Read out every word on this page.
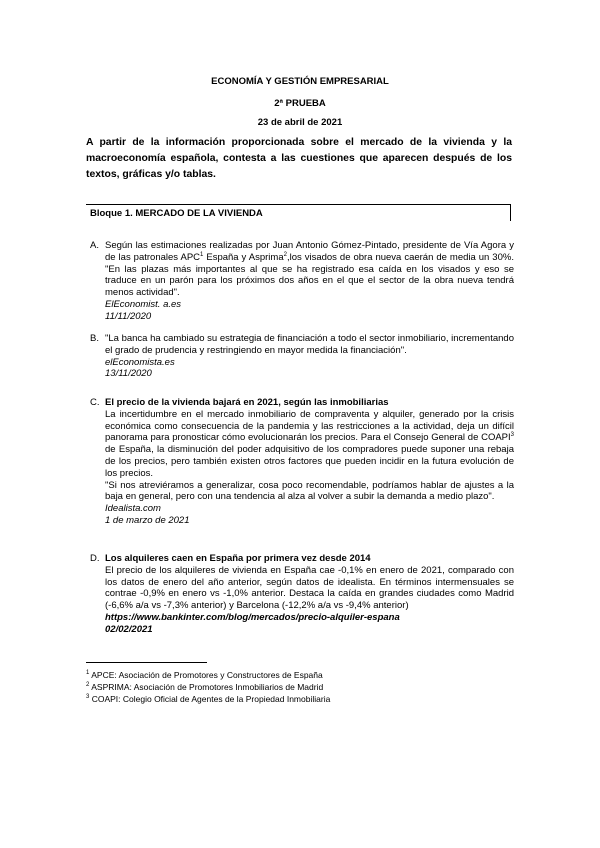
ECONOMÍA Y GESTIÓN EMPRESARIAL
2ª PRUEBA
23 de abril de 2021
A partir de la información proporcionada sobre el mercado de la vivienda y la macroeconomía española, contesta a las cuestiones que aparecen después de los textos, gráficas y/o tablas.
Bloque 1. MERCADO DE LA VIVIENDA
A. Según las estimaciones realizadas por Juan Antonio Gómez-Pintado, presidente de Vía Agora y de las patronales APC$^1$ España y Asprima$^2$,los visados de obra nueva caerán de media un 30%. "En las plazas más importantes al que se ha registrado esa caída en los visados y eso se traduce en un parón para los próximos dos años en el que el sector de la obra nueva tendrá menos actividad".
ElEconomist. a.es
11/11/2020
B. "La banca ha cambiado su estrategia de financiación a todo el sector inmobiliario, incrementando el grado de prudencia y restringiendo en mayor medida la financiación".
elEconomista.es
13/11/2020
C. El precio de la vivienda bajará en 2021, según las inmobiliarias
La incertidumbre en el mercado inmobiliario de compraventa y alquiler, generado por la crisis económica como consecuencia de la pandemia y las restricciones a la actividad, deja un difícil panorama para pronosticar cómo evolucionarán los precios. Para el Consejo General de COAPI$^3$ de España, la disminución del poder adquisitivo de los compradores puede suponer una rebaja de los precios, pero también existen otros factores que pueden incidir en la futura evolución de los precios.
"Si nos atreviéramos a generalizar, cosa poco recomendable, podríamos hablar de ajustes a la baja en general, pero con una tendencia al alza al volver a subir la demanda a medio plazo".
Idealista.com
1 de marzo de 2021
D. Los alquileres caen en España por primera vez desde 2014
El precio de los alquileres de vivienda en España cae -0,1% en enero de 2021, comparado con los datos de enero del año anterior, según datos de idealista. En términos intermensuales se contrae -0,9% en enero vs -1,0% anterior. Destaca la caída en grandes ciudades como Madrid (-6,6% a/a vs -7,3% anterior) y Barcelona (-12,2% a/a vs -9,4% anterior)
https://www.bankinter.com/blog/mercados/precio-alquiler-espana
02/02/2021
$^1$ APCE: Asociación de Promotores y Constructores de España
$^2$ ASPRIMA: Asociación de Promotores Inmobiliarios de Madrid
$^3$ COAPI: Colegio Oficial de Agentes de la Propiedad Inmobiliaria
